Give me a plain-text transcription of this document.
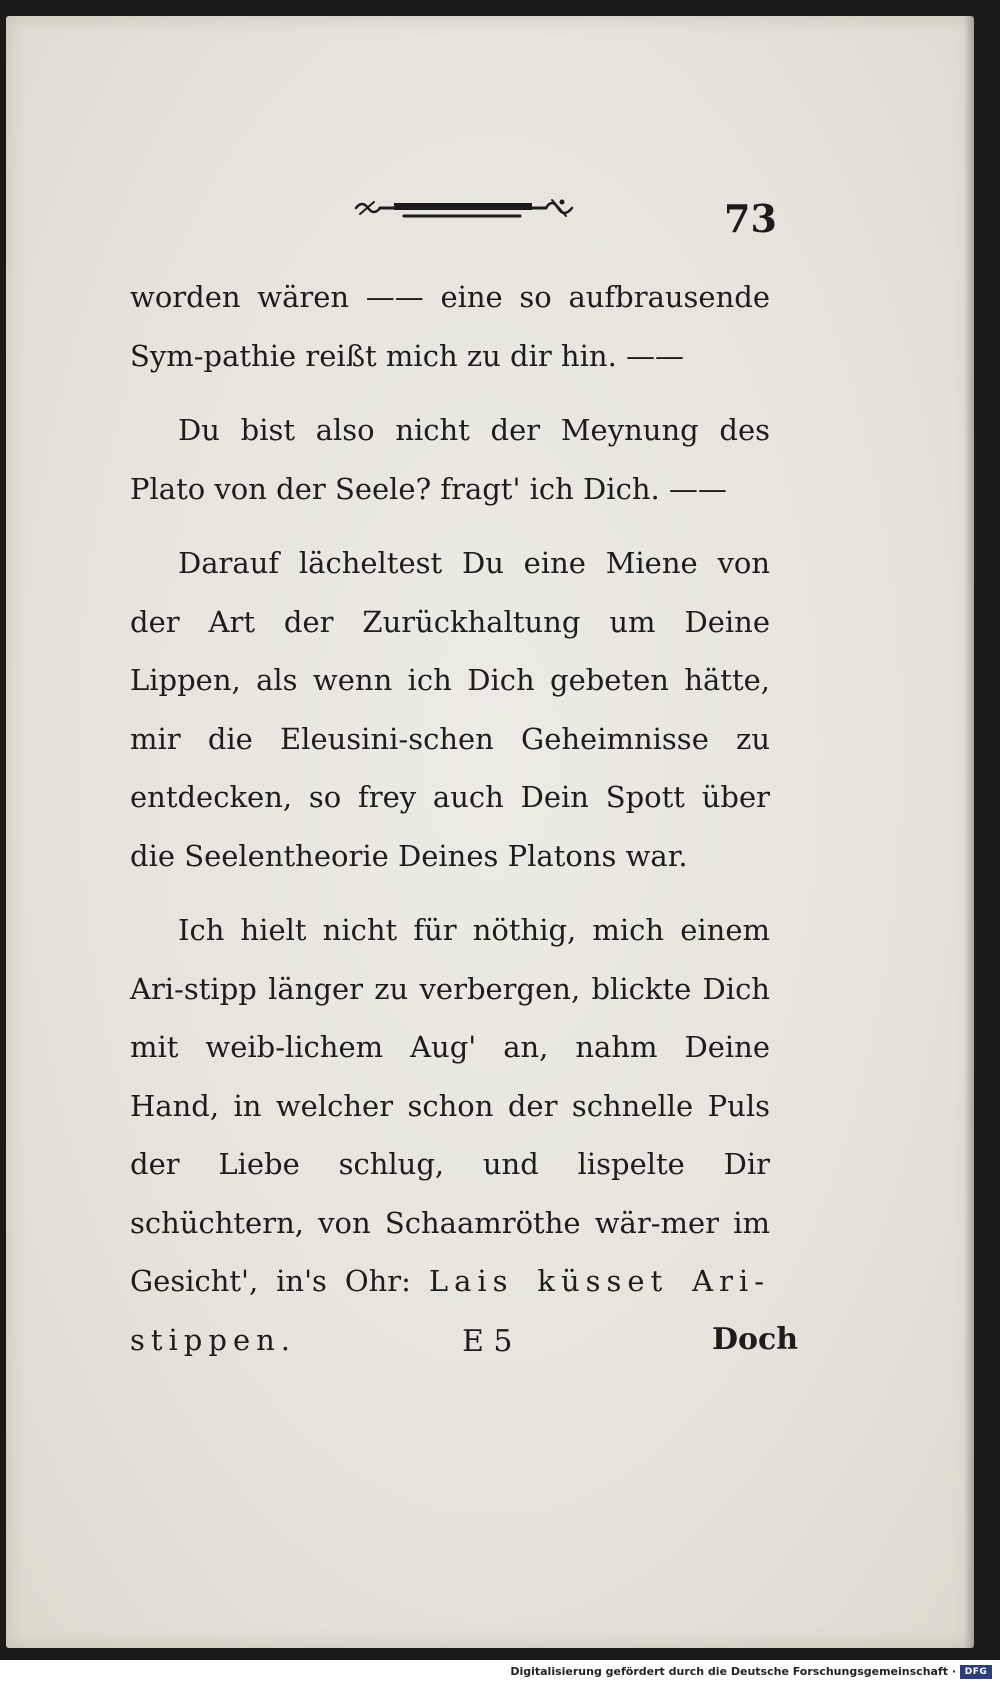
73

worden wären —— eine so aufbrausende Sym-pathie reißt mich zu dir hin. ——

Du bist also nicht der Meynung des Plato von der Seele? fragt' ich Dich. ——

Darauf lächeltest Du eine Miene von der Art der Zurückhaltung um Deine Lippen, als wenn ich Dich gebeten hätte, mir die Eleusini-schen Geheimnisse zu entdecken, so frey auch Dein Spott über die Seelentheorie Deines Platons war.

Ich hielt nicht für nöthig, mich einem Ari-stipp länger zu verbergen, blickte Dich mit weib-lichem Aug' an, nahm Deine Hand, in welcher schon der schnelle Puls der Liebe schlug, und lispelte Dir schüchtern, von Schaamröthe wär-mer im Gesicht', in's Ohr: Lais küsset Ari-stippen.	E 5	Doch
Digitalisierung gefördert durch die Deutsche Forschungsgemeinschaft · DFG
